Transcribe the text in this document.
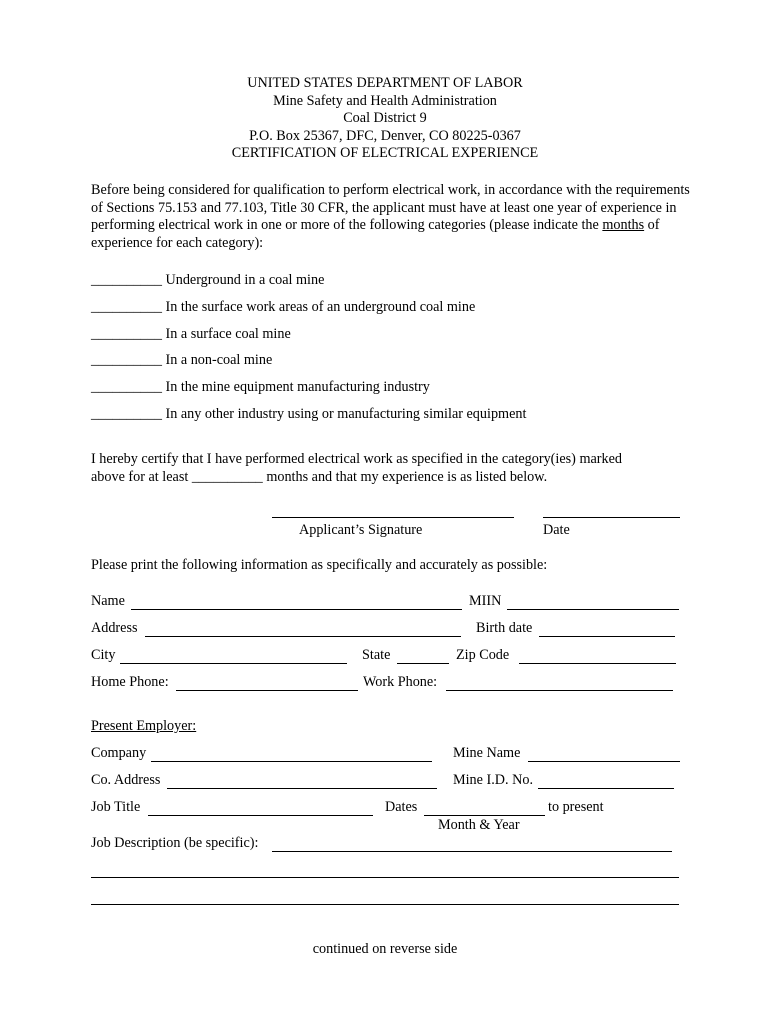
UNITED STATES DEPARTMENT OF LABOR
Mine Safety and Health Administration
Coal District 9
P.O. Box 25367, DFC, Denver, CO 80225-0367
CERTIFICATION OF ELECTRICAL EXPERIENCE
Before being considered for qualification to perform electrical work, in accordance with the requirements of Sections 75.153 and 77.103, Title 30 CFR, the applicant must have at least one year of experience in performing electrical work in one or more of the following categories (please indicate the months of experience for each category):
__________ Underground in a coal mine
__________ In the surface work areas of an underground coal mine
__________ In a surface coal mine
__________ In a non-coal mine
__________ In the mine equipment manufacturing industry
__________ In any other industry using or manufacturing similar equipment
I hereby certify that I have performed electrical work as specified in the category(ies) marked
above for at least __________ months and that my experience is as listed below.
Applicant’s Signature	Date
Please print the following information as specifically and accurately as possible:
Name	MIIN
Address	Birth date
City	State	Zip Code
Home Phone:	Work Phone:
Present Employer:
Company	Mine Name
Co. Address	Mine I.D. No.
Job Title	Dates	to present
Month & Year
Job Description (be specific):
continued on reverse side
